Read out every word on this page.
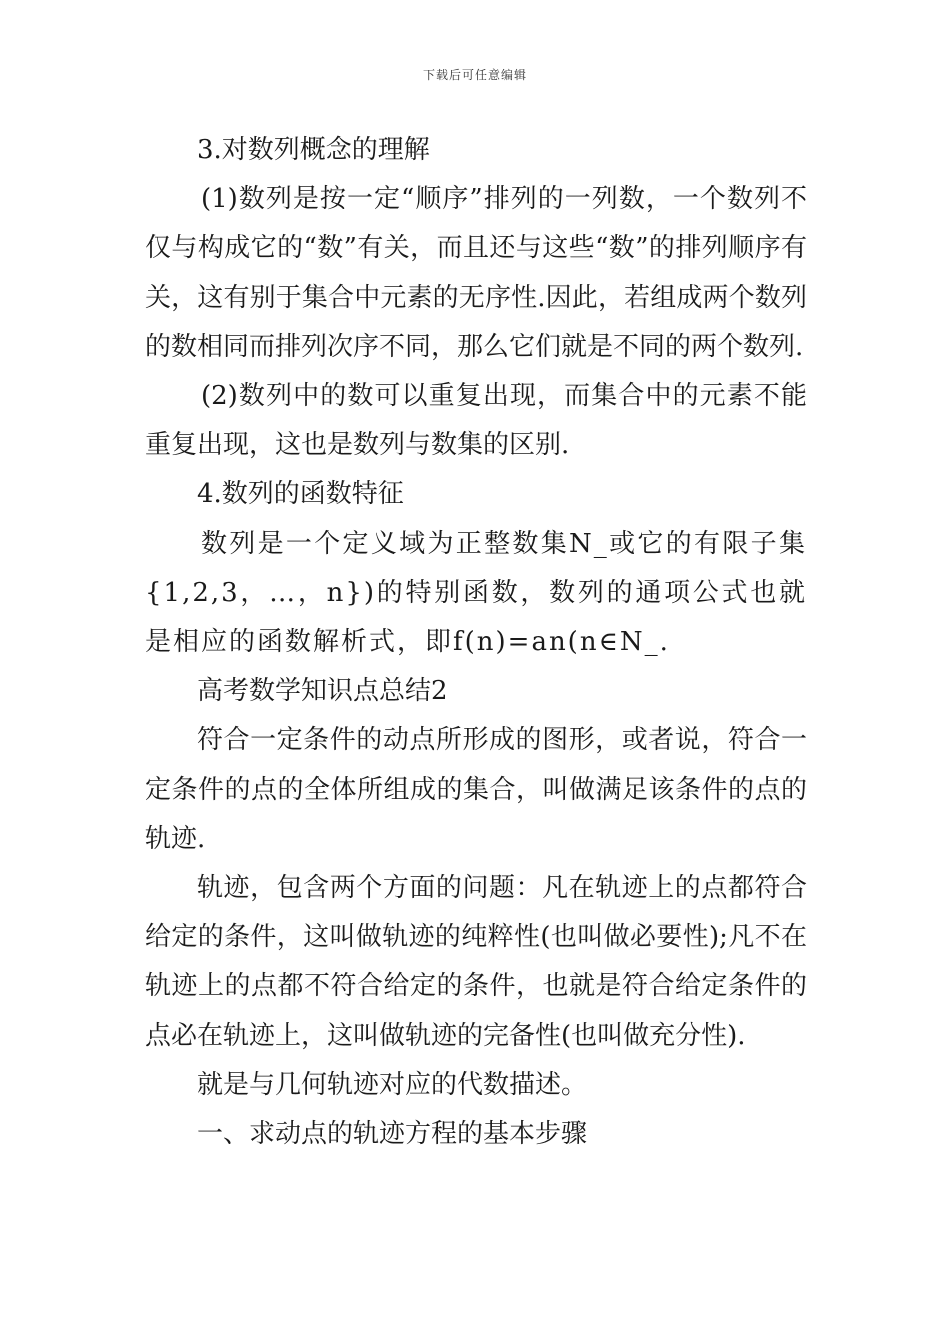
下载后可任意编辑

3.对数列概念的理解

(1)数列是按一定“顺序”排列的一列数，一个数列不仅与构成它的“数”有关，而且还与这些“数”的排列顺序有关，这有别于集合中元素的无序性.因此，若组成两个数列的数相同而排列次序不同，那么它们就是不同的两个数列.

(2)数列中的数可以重复出现，而集合中的元素不能重复出现，这也是数列与数集的区别.

4.数列的函数特征

数列是一个定义域为正整数集N_或它的有限子集{1,2,3，…，n})的特别函数，数列的通项公式也就是相应的函数解析式，即f(n)=an(n∈N_.

高考数学知识点总结2

符合一定条件的动点所形成的图形，或者说，符合一定条件的点的全体所组成的集合，叫做满足该条件的点的轨迹.

轨迹，包含两个方面的问题：凡在轨迹上的点都符合给定的条件，这叫做轨迹的纯粹性(也叫做必要性);凡不在轨迹上的点都不符合给定的条件，也就是符合给定条件的点必在轨迹上，这叫做轨迹的完备性(也叫做充分性).

就是与几何轨迹对应的代数描述。

一、求动点的轨迹方程的基本步骤
